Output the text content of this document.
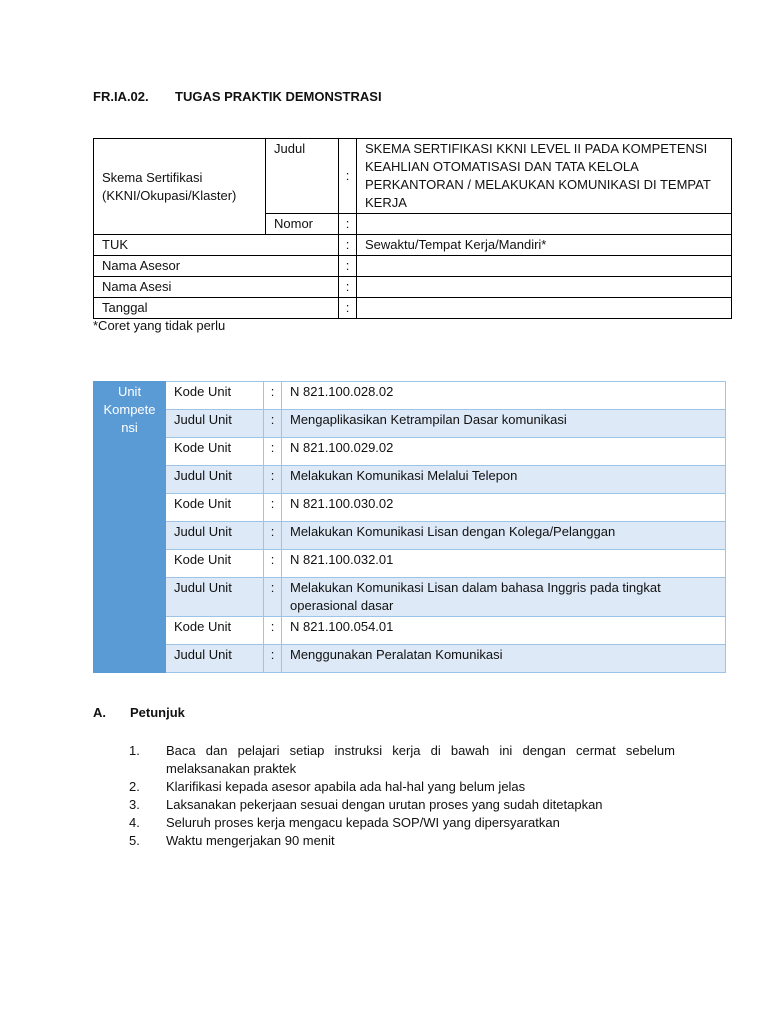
FR.IA.02. TUGAS PRAKTIK DEMONSTRASI
Skema Sertifikasi (KKNI/Okupasi/Klaster)	Judul	:	SKEMA SERTIFIKASI KKNI LEVEL II PADA KOMPETENSI KEAHLIAN OTOMATISASI DAN TATA KELOLA PERKANTORAN / MELAKUKAN KOMUNIKASI DI TEMPAT KERJA
	Nomor	:	
TUK		:	Sewaktu/Tempat Kerja/Mandiri*
Nama Asesor		:	
Nama Asesi		:	
Tanggal		:	
*Coret yang tidak perlu
Unit Kompete nsi	Kode Unit	:	N 821.100.028.02
	Judul Unit	:	Mengaplikasikan Ketrampilan Dasar komunikasi
	Kode Unit	:	N 821.100.029.02
	Judul Unit	:	Melakukan Komunikasi Melalui Telepon
	Kode Unit	:	N 821.100.030.02
	Judul Unit	:	Melakukan Komunikasi Lisan dengan Kolega/Pelanggan
	Kode Unit	:	N 821.100.032.01
	Judul Unit	:	Melakukan Komunikasi Lisan dalam bahasa Inggris pada tingkat operasional dasar
	Kode Unit	:	N 821.100.054.01
	Judul Unit	:	Menggunakan Peralatan Komunikasi
A. Petunjuk
1. Baca dan pelajari setiap instruksi kerja di bawah ini dengan cermat sebelum melaksanakan praktek
2. Klarifikasi kepada asesor apabila ada hal-hal yang belum jelas
3. Laksanakan pekerjaan sesuai dengan urutan proses yang sudah ditetapkan
4. Seluruh proses kerja mengacu kepada SOP/WI yang dipersyaratkan
5. Waktu mengerjakan 90 menit
